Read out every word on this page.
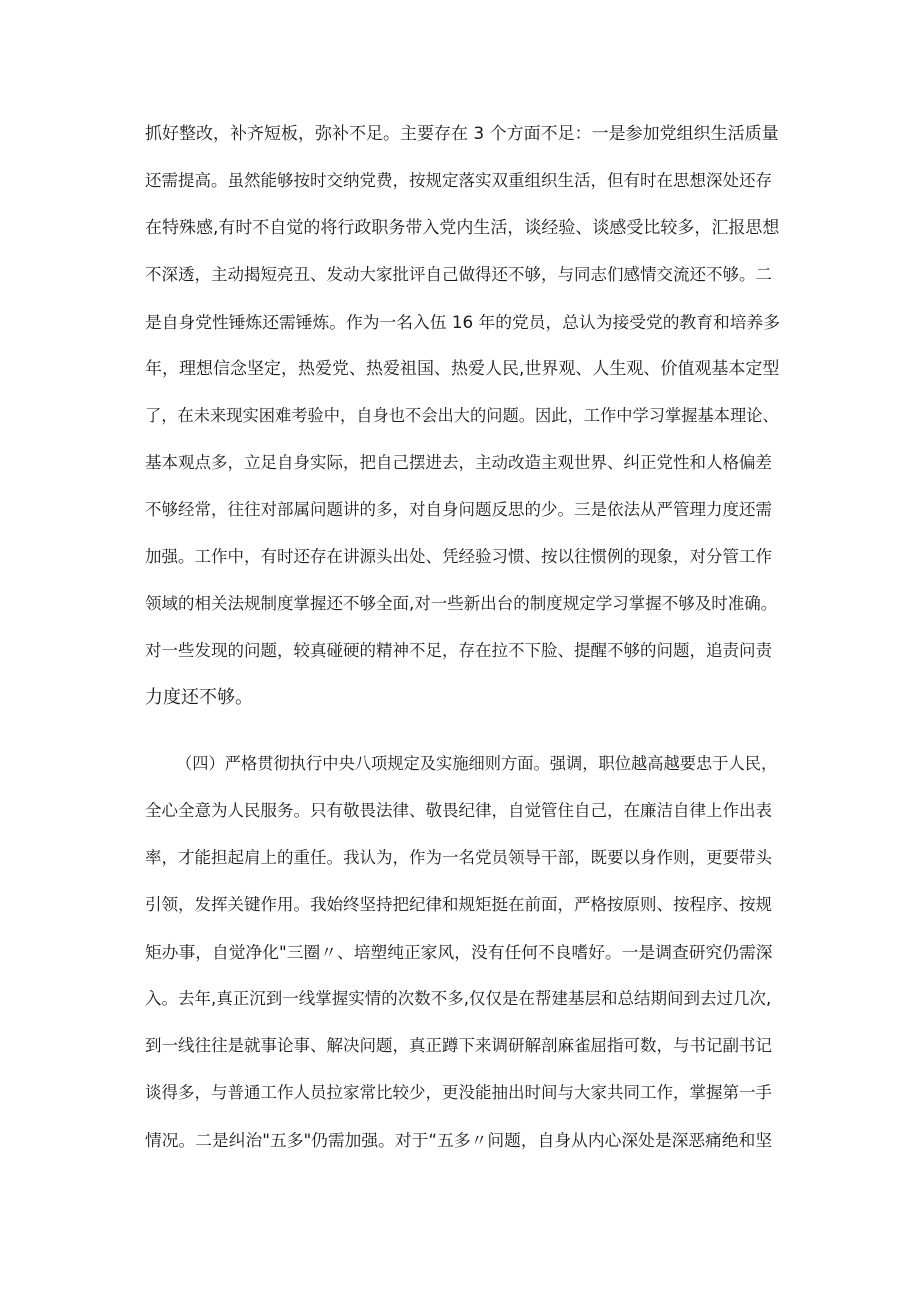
抓好整改，补齐短板，弥补不足。主要存在 3 个方面不足：一是参加党组织生活质量
还需提高。虽然能够按时交纳党费，按规定落实双重组织生活，但有时在思想深处还存
在特殊感,有时不自觉的将行政职务带入党内生活，谈经验、谈感受比较多，汇报思想
不深透，主动揭短亮丑、发动大家批评自己做得还不够，与同志们感情交流还不够。二
是自身党性锤炼还需锤炼。作为一名入伍 16 年的党员，总认为接受党的教育和培养多
年，理想信念坚定，热爱党、热爱祖国、热爱人民,世界观、人生观、价值观基本定型
了，在未来现实困难考验中，自身也不会出大的问题。因此，工作中学习掌握基本理论、
基本观点多，立足自身实际，把自己摆进去，主动改造主观世界、纠正党性和人格偏差
不够经常，往往对部属问题讲的多，对自身问题反思的少。三是依法从严管理力度还需
加强。工作中，有时还存在讲源头出处、凭经验习惯、按以往惯例的现象，对分管工作
领域的相关法规制度掌握还不够全面,对一些新出台的制度规定学习掌握不够及时准确。
对一些发现的问题，较真碰硬的精神不足，存在拉不下脸、提醒不够的问题，追责问责
力度还不够。
（四）严格贯彻执行中央八项规定及实施细则方面。强调，职位越高越要忠于人民，
全心全意为人民服务。只有敬畏法律、敬畏纪律，自觉管住自己，在廉洁自律上作出表
率，才能担起肩上的重任。我认为，作为一名党员领导干部，既要以身作则，更要带头
引领，发挥关键作用。我始终坚持把纪律和规矩挺在前面，严格按原则、按程序、按规
矩办事，自觉净化"三圈〃、培塑纯正家风，没有任何不良嗜好。一是调查研究仍需深
入。去年,真正沉到一线掌握实情的次数不多,仅仅是在帮建基层和总结期间到去过几次,
到一线往往是就事论事、解决问题，真正蹲下来调研解剖麻雀屈指可数，与书记副书记
谈得多，与普通工作人员拉家常比较少，更没能抽出时间与大家共同工作，掌握第一手
情况。二是纠治"五多"仍需加强。对于“五多〃问题，自身从内心深处是深恶痛绝和坚
